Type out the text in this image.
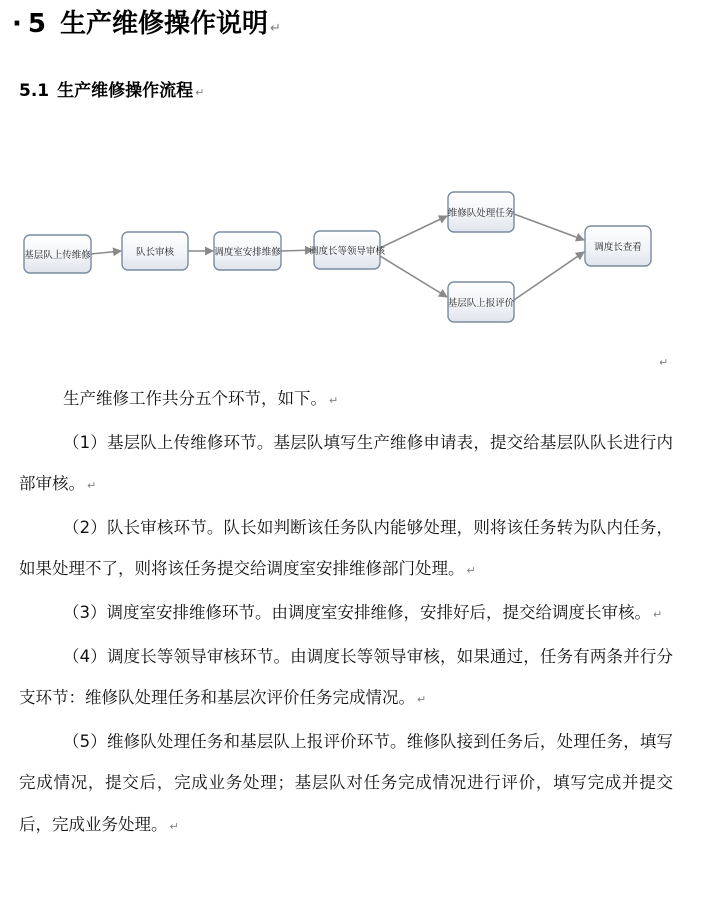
· 5 生产维修操作说明 ↵
5.1 生产维修操作流程 ↵
基层队上传维修	队长审核	调度室安排维修	调度长等领导审核
维修队处理任务
基层队上报评价
调度长查看
↵

生产维修工作共分五个环节，如下。 ↵

（1）基层队上传维修环节。基层队填写生产维修申请表，提交给基层队队长进行内部审核。 ↵

（2）队长审核环节。队长如判断该任务队内能够处理，则将该任务转为队内任务，如果处理不了，则将该任务提交给调度室安排维修部门处理。 ↵

（3）调度室安排维修环节。由调度室安排维修，安排好后，提交给调度长审核。 ↵

（4）调度长等领导审核环节。由调度长等领导审核，如果通过，任务有两条并行分支环节：维修队处理任务和基层次评价任务完成情况。 ↵

（5）维修队处理任务和基层队上报评价环节。维修队接到任务后，处理任务，填写完成情况，提交后，完成业务处理；基层队对任务完成情况进行评价，填写完成并提交后，完成业务处理。 ↵
